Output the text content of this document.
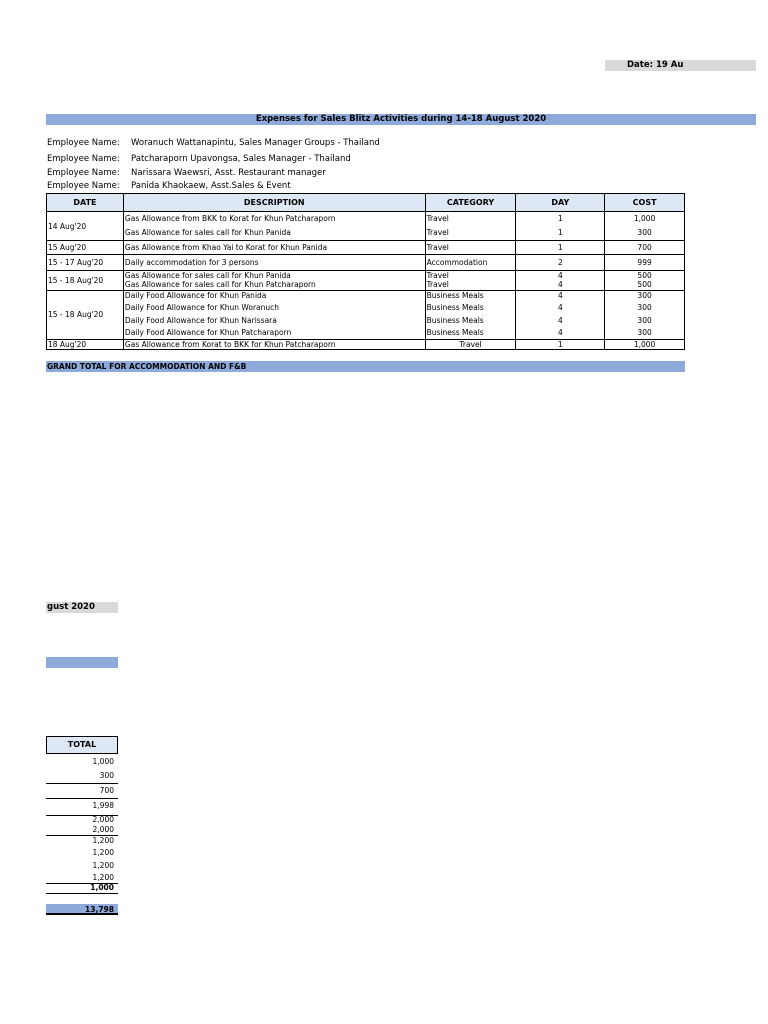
Date: 19 Au
Expenses for Sales Blitz Activities during 14-18 August 2020
Employee Name: Woranuch Wattanapintu, Sales Manager Groups - Thailand
Employee Name: Patcharaporn Upavongsa, Sales Manager - Thailand
Employee Name: Narissara Waewsri, Asst. Restaurant manager
Employee Name: Panida Khaokaew, Asst.Sales & Event
DATE	DESCRIPTION	CATEGORY	DAY	COST
14 Aug'20	Gas Allowance from BKK to Korat for Khun Patcharaporn	Travel	1	1,000
	Gas Allowance for sales call for Khun Panida	Travel	1	300
15 Aug'20	Gas Allowance from Khao Yai to Korat for Khun Panida	Travel	1	700
15 - 17 Aug'20	Daily accommodation for 3 persons	Accommodation	2	999
15 - 18 Aug'20	Gas Allowance for sales call for Khun Panida	Travel	4	500
	Gas Allowance for sales call for Khun Patcharaporn	Travel	4	500
15 - 18 Aug'20	Daily Food Allowance for Khun Panida	Business Meals	4	300
	Daily Food Allowance for Khun Woranuch	Business Meals	4	300
	Daily Food Allowance for Khun Narissara	Business Meals	4	300
	Daily Food Allowance for Khun Patcharaporn	Business Meals	4	300
18 Aug'20	Gas Allowance from Korat to BKK for Khun Patcharaporn	Travel	1	1,000
GRAND TOTAL FOR ACCOMMODATION AND F&B
gust 2020
TOTAL
1,000
300
700
1,998
2,000
2,000
1,200
1,200
1,200
1,200
1,000
13,798
